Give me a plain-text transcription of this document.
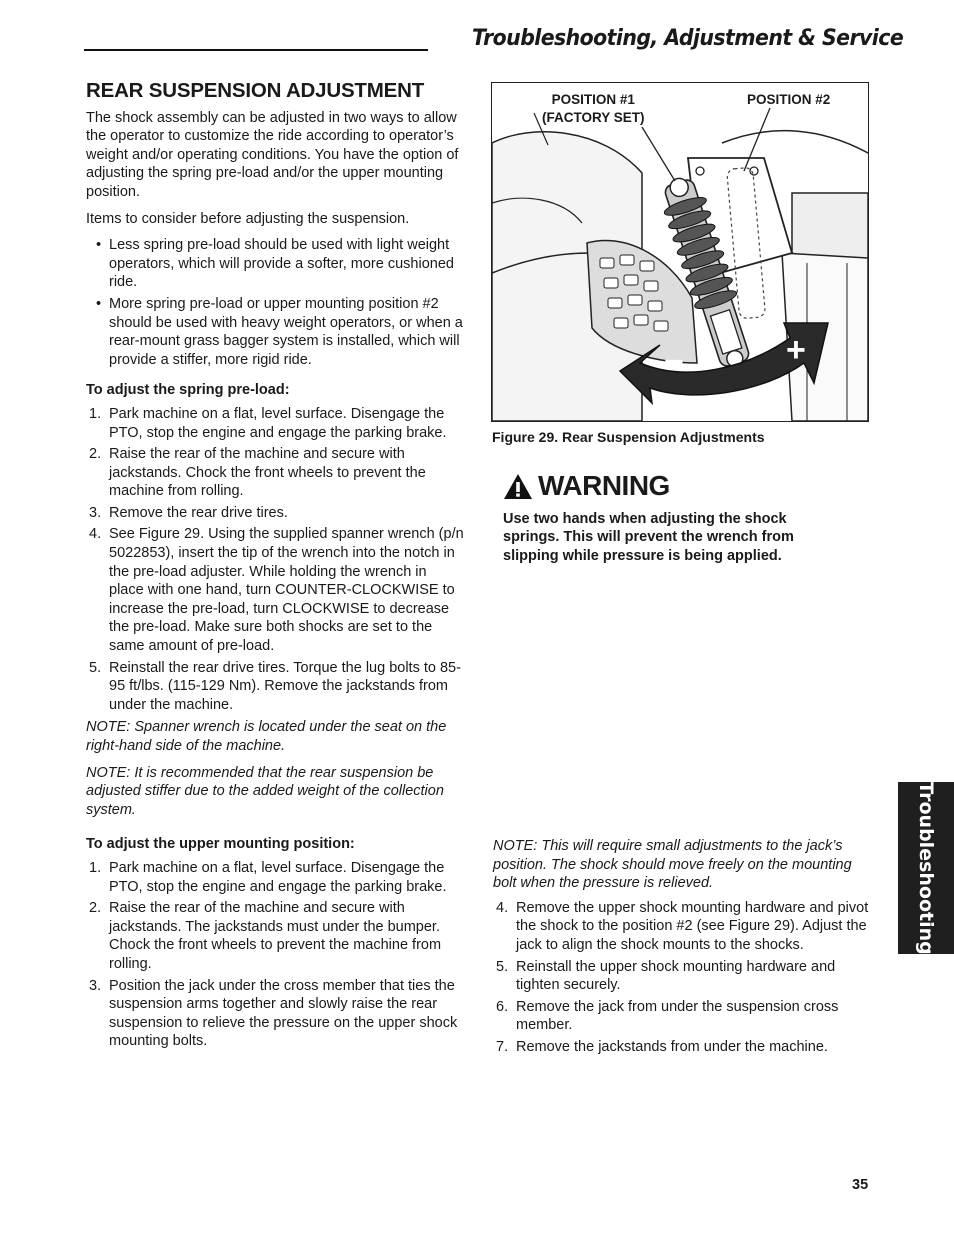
Troubleshooting, Adjustment & Service
REAR SUSPENSION ADJUSTMENT

The shock assembly can be adjusted in two ways to allow the operator to customize the ride according to operator’s weight and/or operating conditions. You have the option of adjusting the spring pre-load and/or the upper mounting position.

Items to consider before adjusting the suspension.

• Less spring pre-load should be used with light weight operators, which will provide a softer, more cushioned ride.
• More spring pre-load or upper mounting position #2 should be used with heavy weight operators, or when a rear-mount grass bagger system is installed, which will provide a stiffer, more rigid ride.
To adjust the spring pre-load:
1. Park machine on a flat, level surface. Disengage the PTO, stop the engine and engage the parking brake.
2. Raise the rear of the machine and secure with jackstands. Chock the front wheels to prevent the machine from rolling.
3. Remove the rear drive tires.
4. See Figure 29. Using the supplied spanner wrench (p/n 5022853), insert the tip of the wrench into the notch in the pre-load adjuster. While holding the wrench in place with one hand, turn COUNTER-CLOCKWISE to increase the pre-load, turn CLOCKWISE to decrease the pre-load. Make sure both shocks are set to the same amount of pre-load.
5. Reinstall the rear drive tires. Torque the lug bolts to 85-95 ft/lbs. (115-129 Nm). Remove the jackstands from under the machine.

NOTE: Spanner wrench is located under the seat on the right-hand side of the machine.

NOTE: It is recommended that the rear suspension be adjusted stiffer due to the added weight of the collection system.

To adjust the upper mounting position:
1. Park machine on a flat, level surface. Disengage the PTO, stop the engine and engage the parking brake.
2. Raise the rear of the machine and secure with jackstands. The jackstands must under the bumper. Chock the front wheels to prevent the machine from rolling.
3. Position the jack under the cross member that ties the suspension arms together and slowly raise the rear suspension to relieve the pressure on the upper shock mounting bolts.
POSITION #1
(FACTORY SET)
POSITION #2
−	+
Figure 29. Rear Suspension Adjustments
WARNING
Use two hands when adjusting the shock springs. This will prevent the wrench from slipping while pressure is being applied.

NOTE: This will require small adjustments to the jack’s position. The shock should move freely on the mounting bolt when the pressure is relieved.

4. Remove the upper shock mounting hardware and pivot the shock to the position #2 (see Figure 29). Adjust the jack to align the shock mounts to the shocks.
5. Reinstall the upper shock mounting hardware and tighten securely.
6. Remove the jack from under the suspension cross member.
7. Remove the jackstands from under the machine.
Troubleshooting
35
